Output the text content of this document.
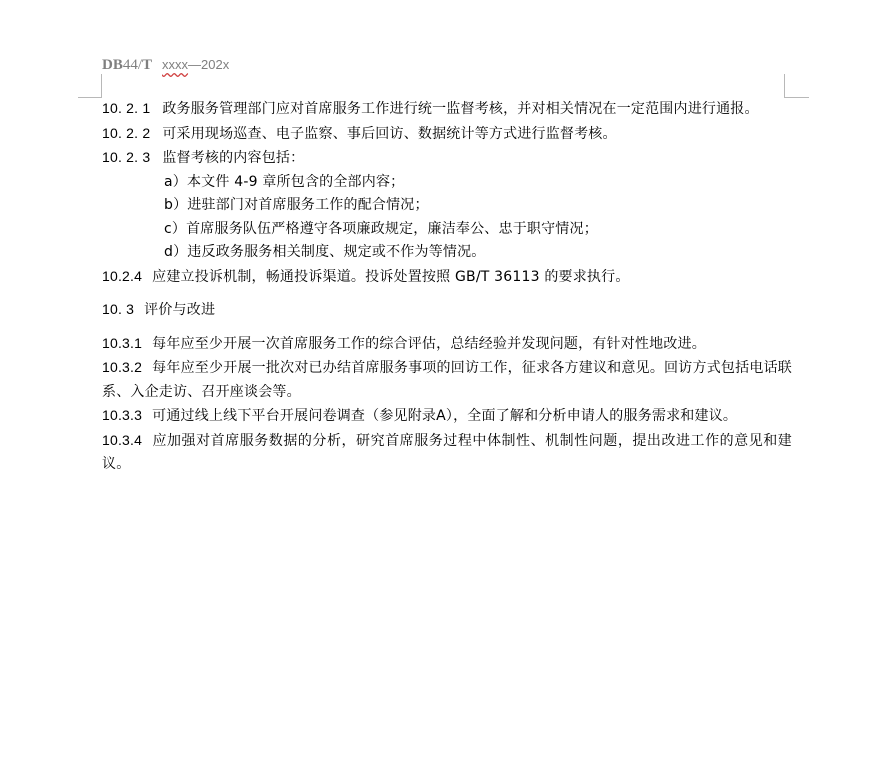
DB44/T xxxx—202x

10. 2. 1 政务服务管理部门应对首席服务工作进行统一监督考核，并对相关情况在一定范围内进行通报。

10. 2. 2 可采用现场巡查、电子监察、事后回访、数据统计等方式进行监督考核。

10. 2. 3 监督考核的内容包括：

a）本文件 4-9 章所包含的全部内容；

b）进驻部门对首席服务工作的配合情况；

c）首席服务队伍严格遵守各项廉政规定，廉洁奉公、忠于职守情况；

d）违反政务服务相关制度、规定或不作为等情况。

10.2.4 应建立投诉机制，畅通投诉渠道。投诉处置按照 GB/T 36113 的要求执行。

10. 3 评价与改进

10.3.1 每年应至少开展一次首席服务工作的综合评估，总结经验并发现问题，有针对性地改进。

10.3.2 每年应至少开展一批次对已办结首席服务事项的回访工作，征求各方建议和意见。回访方式包括电话联系、入企走访、召开座谈会等。

10.3.3 可通过线上线下平台开展问卷调查（参见附录A），全面了解和分析申请人的服务需求和建议。

10.3.4 应加强对首席服务数据的分析，研究首席服务过程中体制性、机制性问题，提出改进工作的意见和建议。
